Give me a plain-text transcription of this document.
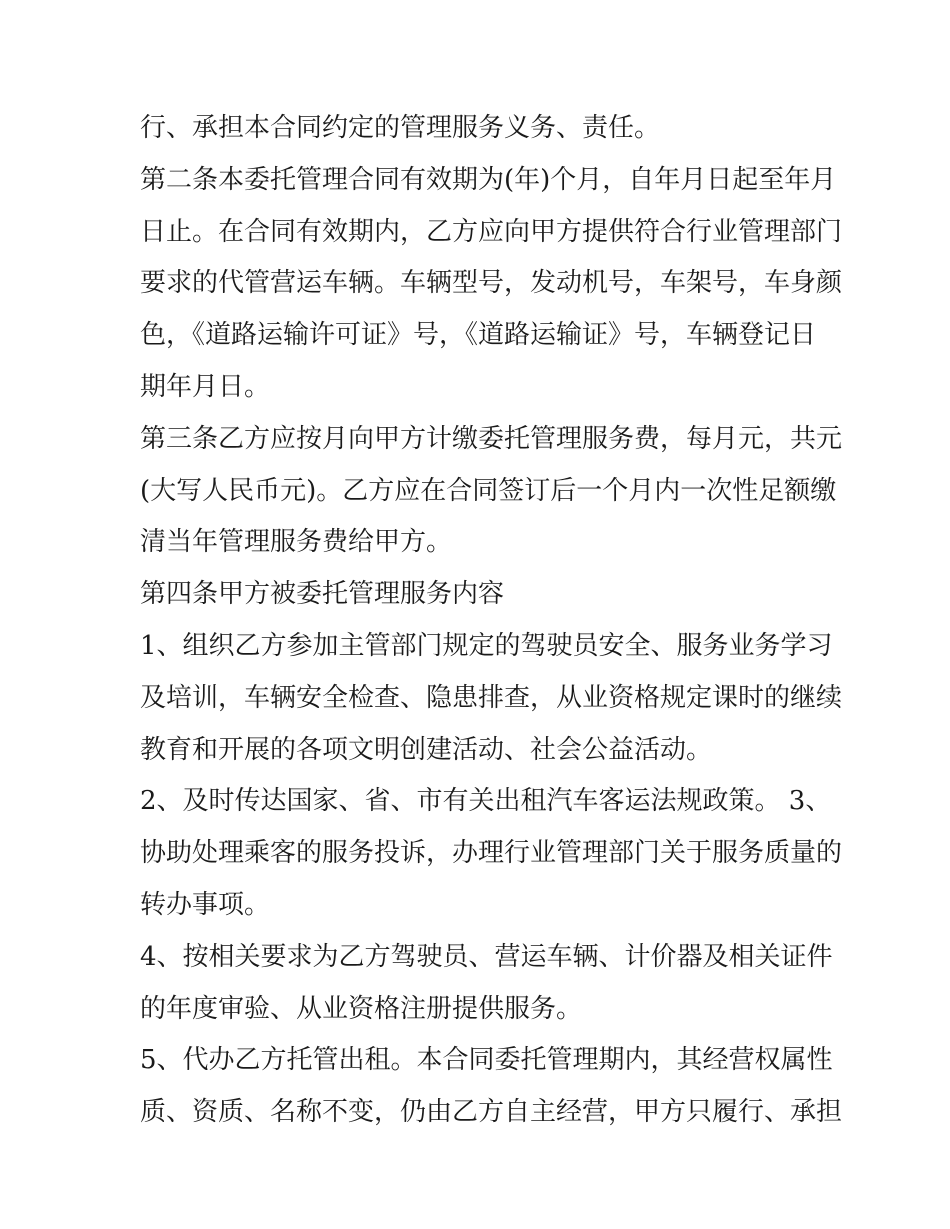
行、承担本合同约定的管理服务义务、责任。
第二条本委托管理合同有效期为(年)个月，自年月日起至年月
日止。在合同有效期内，乙方应向甲方提供符合行业管理部门
要求的代管营运车辆。车辆型号，发动机号，车架号，车身颜
色，《道路运输许可证》号，《道路运输证》号，车辆登记日
期年月日。
第三条乙方应按月向甲方计缴委托管理服务费，每月元，共元
(大写人民币元)。乙方应在合同签订后一个月内一次性足额缴
清当年管理服务费给甲方。
第四条甲方被委托管理服务内容
1、组织乙方参加主管部门规定的驾驶员安全、服务业务学习
及培训，车辆安全检查、隐患排查，从业资格规定课时的继续
教育和开展的各项文明创建活动、社会公益活动。
2、及时传达国家、省、市有关出租汽车客运法规政策。 3、
协助处理乘客的服务投诉，办理行业管理部门关于服务质量的
转办事项。
4、按相关要求为乙方驾驶员、营运车辆、计价器及相关证件
的年度审验、从业资格注册提供服务。
5、代办乙方托管出租。本合同委托管理期内，其经营权属性
质、资质、名称不变，仍由乙方自主经营，甲方只履行、承担
